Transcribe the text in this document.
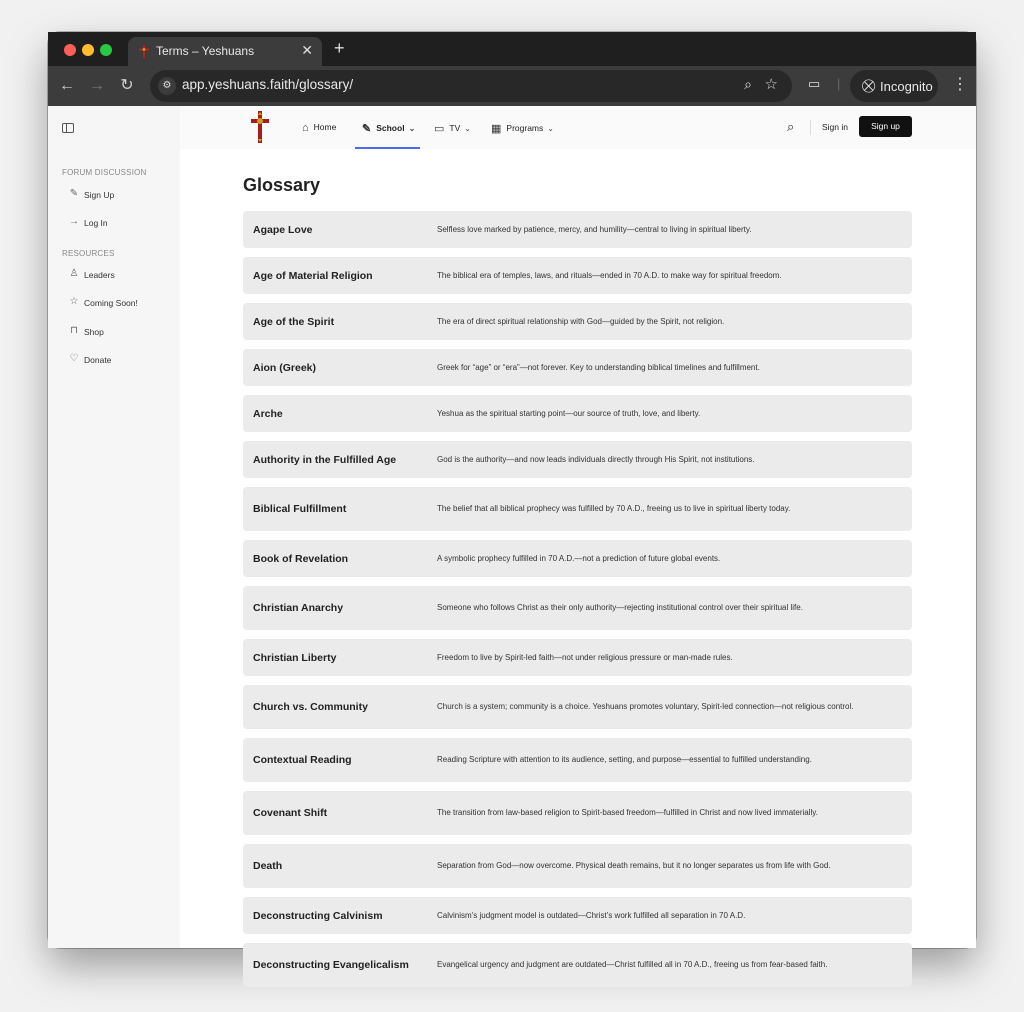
Terms – Yeshuans	✕ +
← → ↻	⚙ app.yeshuans.faith/glossary/	⌕ ☆ ▭ | ⛒ Incognito ⋮
FORUM DISCUSSION
✎ Sign Up
→ Log In
RESOURCES
♙ Leaders
☆ Coming Soon!
⊓ Shop
♡ Donate
⌂ Home ✎ School ⌄ ▭ TV ⌄ ▦ Programs ⌄	⌕	Sign in	Sign up
Glossary
Agape Love	Selfless love marked by patience, mercy, and humility—central to living in spiritual liberty.
Age of Material Religion	The biblical era of temples, laws, and rituals—ended in 70 A.D. to make way for spiritual freedom.
Age of the Spirit	The era of direct spiritual relationship with God—guided by the Spirit, not religion.
Aion (Greek)	Greek for “age” or “era”—not forever. Key to understanding biblical timelines and fulfillment.
Arche	Yeshua as the spiritual starting point—our source of truth, love, and liberty.
Authority in the Fulfilled Age	God is the authority—and now leads individuals directly through His Spirit, not institutions.
Biblical Fulfillment	The belief that all biblical prophecy was fulfilled by 70 A.D., freeing us to live in spiritual liberty today.
Book of Revelation	A symbolic prophecy fulfilled in 70 A.D.—not a prediction of future global events.
Christian Anarchy	Someone who follows Christ as their only authority—rejecting institutional control over their spiritual life.
Christian Liberty	Freedom to live by Spirit-led faith—not under religious pressure or man-made rules.
Church vs. Community	Church is a system; community is a choice. Yeshuans promotes voluntary, Spirit-led connection—not religious control.
Contextual Reading	Reading Scripture with attention to its audience, setting, and purpose—essential to fulfilled understanding.
Covenant Shift	The transition from law-based religion to Spirit-based freedom—fulfilled in Christ and now lived immaterially.
Death	Separation from God—now overcome. Physical death remains, but it no longer separates us from life with God.
Deconstructing Calvinism	Calvinism’s judgment model is outdated—Christ’s work fulfilled all separation in 70 A.D.
Deconstructing Evangelicalism	Evangelical urgency and judgment are outdated—Christ fulfilled all in 70 A.D., freeing us from fear-based faith.
